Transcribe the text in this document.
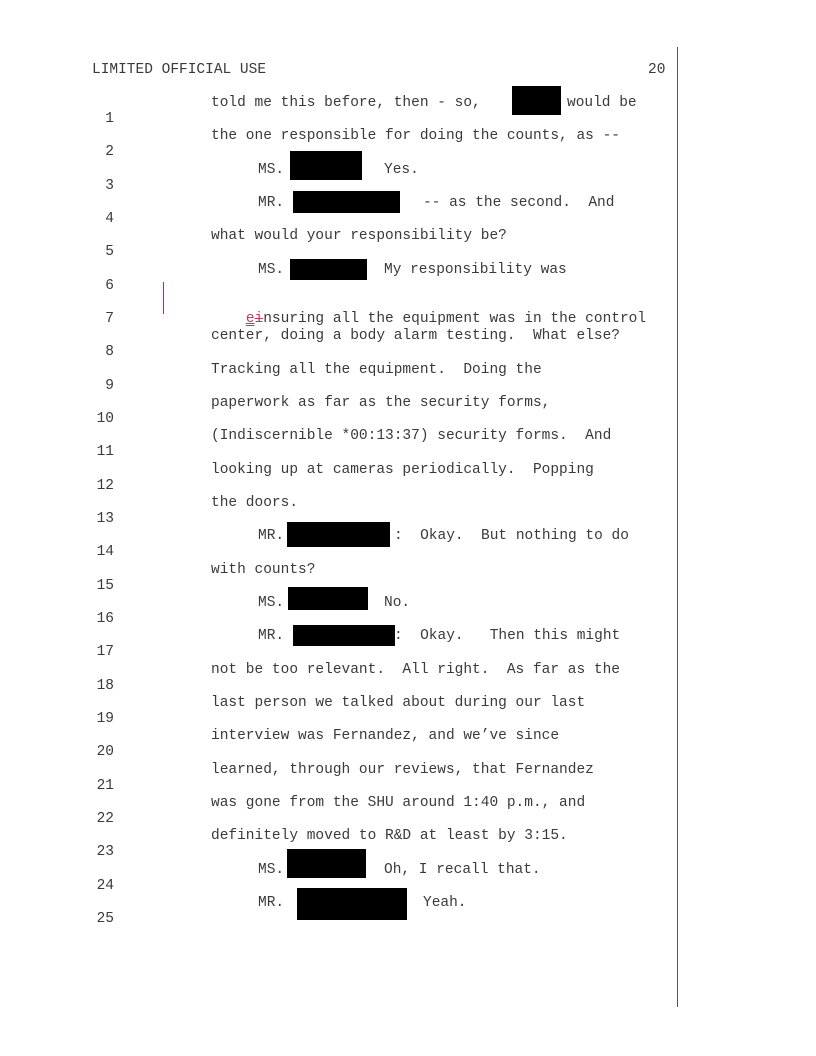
LIMITED OFFICIAL USE	20

1

told me this before, then - so,

	would be

2

the one responsible for doing the counts, as --

3

MS.

	Yes.

4

MR.

	-- as the second.  And

5

what would your responsibility be?

6

MS.

	My responsibility was

7

	einsuring all the equipment was in the control

8

center, doing a body alarm testing.  What else?

9

Tracking all the equipment.  Doing the

10

paperwork as far as the security forms,

11

(Indiscernible *00:13:37) security forms.  And

12

looking up at cameras periodically.  Popping

13

the doors.

14

MR.

	:  Okay.  But nothing to do

15

with counts?

16

MS.

	No.

17

MR.

	:  Okay.   Then this might

18

not be too relevant.  All right.  As far as the

19

last person we talked about during our last

20

interview was Fernandez, and we’ve since

21

learned, through our reviews, that Fernandez

22

was gone from the SHU around 1:40 p.m., and

23

definitely moved to R&D at least by 3:15.

24

MS.

	Oh, I recall that.

25

MR.

	Yeah.
